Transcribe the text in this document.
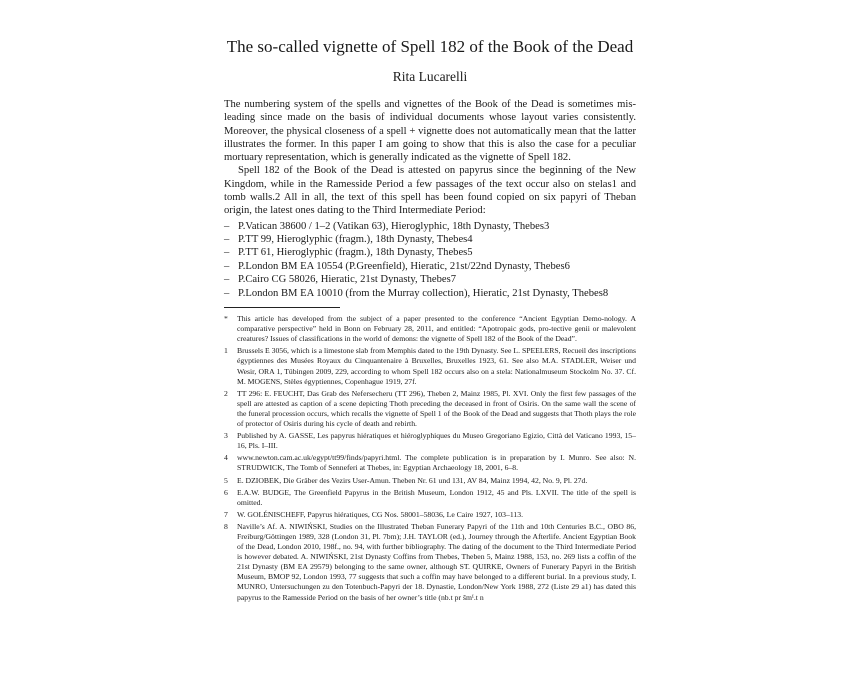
The so-called vignette of Spell 182 of the Book of the Dead
Rita Lucarelli

The numbering system of the spells and vignettes of the Book of the Dead is sometimes mis-leading since made on the basis of individual documents whose layout varies consistently. Moreover, the physical closeness of a spell + vignette does not automatically mean that the latter illustrates the former. In this paper I am going to show that this is also the case for a peculiar mortuary representation, which is generally indicated as the vignette of Spell 182.

Spell 182 of the Book of the Dead is attested on papyrus since the beginning of the New Kingdom, while in the Ramesside Period a few passages of the text occur also on stelas1 and tomb walls.2 All in all, the text of this spell has been found copied on six papyri of Theban origin, the latest ones dating to the Third Intermediate Period:

– P.Vatican 38600 / 1–2 (Vatikan 63), Hieroglyphic, 18th Dynasty, Thebes3
– P.TT 99, Hieroglyphic (fragm.), 18th Dynasty, Thebes4
– P.TT 61, Hieroglyphic (fragm.), 18th Dynasty, Thebes5
– P.London BM EA 10554 (P.Greenfield), Hieratic, 21st/22nd Dynasty, Thebes6
– P.Cairo CG 58026, Hieratic, 21st Dynasty, Thebes7
– P.London BM EA 10010 (from the Murray collection), Hieratic, 21st Dynasty, Thebes8
*	This article has developed from the subject of a paper presented to the conference “Ancient Egyptian Demo-nology. A comparative perspective” held in Bonn on February 28, 2011, and entitled: “Apotropaic gods, pro-tective genii or malevolent creatures? Issues of classifications in the world of demons: the vignette of Spell 182 of the Book of the Dead”.
1	Brussels E 3056, which is a limestone slab from Memphis dated to the 19th Dynasty. See L. SPEELERS, Recueil des inscriptions égyptiennes des Musées Royaux du Cinquantenaire à Bruxelles, Bruxelles 1923, 61. See also M.A. STADLER, Weiser und Wesir, ORA 1, Tübingen 2009, 229, according to whom Spell 182 occurs also on a stela: Nationalmuseum Stockolm No. 37. Cf. M. MOGENS, Stèles égyptiennes, Copenhague 1919, 27f.
2	TT 296: E. FEUCHT, Das Grab des Nefersecheru (TT 296), Theben 2, Mainz 1985, Pl. XVI. Only the first few passages of the spell are attested as caption of a scene depicting Thoth preceding the deceased in front of Osiris. On the same wall the scene of the funeral procession occurs, which recalls the vignette of Spell 1 of the Book of the Dead and suggests that Thoth plays the role of protector of Osiris during his cycle of death and rebirth.
3	Published by A. GASSE, Les papyrus hiératiques et hiéroglyphiques du Museo Gregoriano Egizio, Città del Vaticano 1993, 15–16, Pls. I–III.
4	www.newton.cam.ac.uk/egypt/tt99/finds/papyri.html. The complete publication is in preparation by I. Munro. See also: N. STRUDWICK, The Tomb of Senneferi at Thebes, in: Egyptian Archaeology 18, 2001, 6–8.
5	E. DZIOBEK, Die Gräber des Vezirs User-Amun. Theben Nr. 61 und 131, AV 84, Mainz 1994, 42, No. 9, Pl. 27d.
6	E.A.W. BUDGE, The Greenfield Papyrus in the British Museum, London 1912, 45 and Pls. LXVII. The title of the spell is omitted.
7	W. GOLÉNISCHEFF, Papyrus hiératiques, CG Nos. 58001–58036, Le Caire 1927, 103–113.
8	Naville’s Af. A. NIWIŃSKI, Studies on the Illustrated Theban Funerary Papyri of the 11th and 10th Centuries B.C., OBO 86, Freiburg/Göttingen 1989, 328 (London 31, Pl. 7bm); J.H. TAYLOR (ed.), Journey through the Afterlife. Ancient Egyptian Book of the Dead, London 2010, 198f., no. 94, with further bibliography. The dating of the document to the Third Intermediate Period is however debated. A. NIWIŃSKI, 21st Dynasty Coffins from Thebes, Theben 5, Mainz 1988, 153, no. 269 lists a coffin of the 21st Dynasty (BM EA 29579) belonging to the same owner, although ST. QUIRKE, Owners of Funerary Papyri in the British Museum, BMOP 92, London 1993, 77 suggests that such a coffin may have belonged to a different burial. In a previous study, I. MUNRO, Untersuchungen zu den Totenbuch-Papyri der 18. Dynastie, London/New York 1988, 272 (Liste 29 a1) has dated this papyrus to the Ramesside Period on the basis of her owner’s title (nb.t pr šmˁ.t n
